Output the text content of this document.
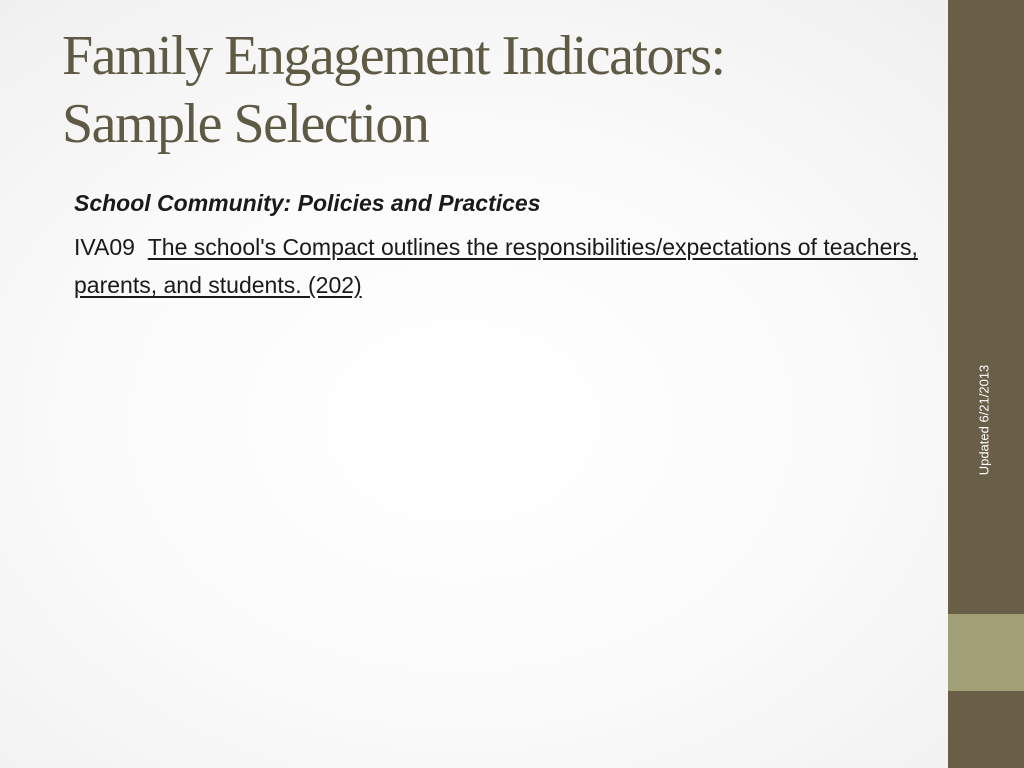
Family Engagement Indicators:
Sample Selection

School Community: Policies and Practices

IVA09 The school's Compact outlines the responsibilities/expectations of teachers, parents, and students. (202)

Updated 6/21/2013
